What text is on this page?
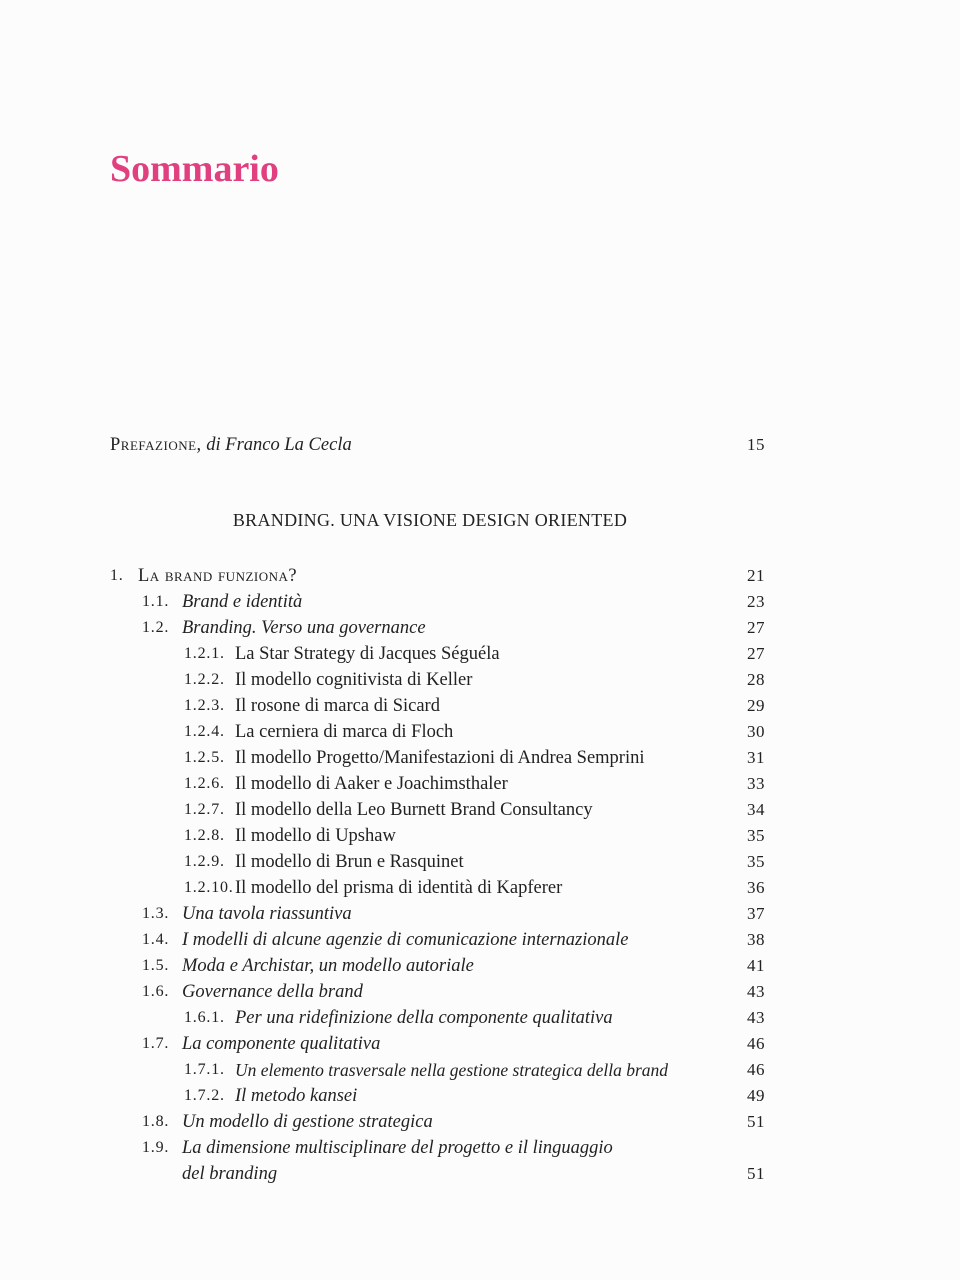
Sommario
Prefazione, di Franco La Cecla	15
BRANDING. UNA VISIONE DESIGN ORIENTED
1. La brand funziona?	21
1.1. Brand e identità	23
1.2. Branding. Verso una governance	27
1.2.1. La Star Strategy di Jacques Séguéla	27
1.2.2. Il modello cognitivista di Keller	28
1.2.3. Il rosone di marca di Sicard	29
1.2.4. La cerniera di marca di Floch	30
1.2.5. Il modello Progetto/Manifestazioni di Andrea Semprini	31
1.2.6. Il modello di Aaker e Joachimsthaler	33
1.2.7. Il modello della Leo Burnett Brand Consultancy	34
1.2.8. Il modello di Upshaw	35
1.2.9. Il modello di Brun e Rasquinet	35
1.2.10. Il modello del prisma di identità di Kapferer	36
1.3. Una tavola riassuntiva	37
1.4. I modelli di alcune agenzie di comunicazione internazionale	38
1.5. Moda e Archistar, un modello autoriale	41
1.6. Governance della brand	43
1.6.1. Per una ridefinizione della componente qualitativa	43
1.7. La componente qualitativa	46
1.7.1. Un elemento trasversale nella gestione strategica della brand	46
1.7.2. Il metodo kansei	49
1.8. Un modello di gestione strategica	51
1.9. La dimensione multisciplinare del progetto e il linguaggio
del branding	51
